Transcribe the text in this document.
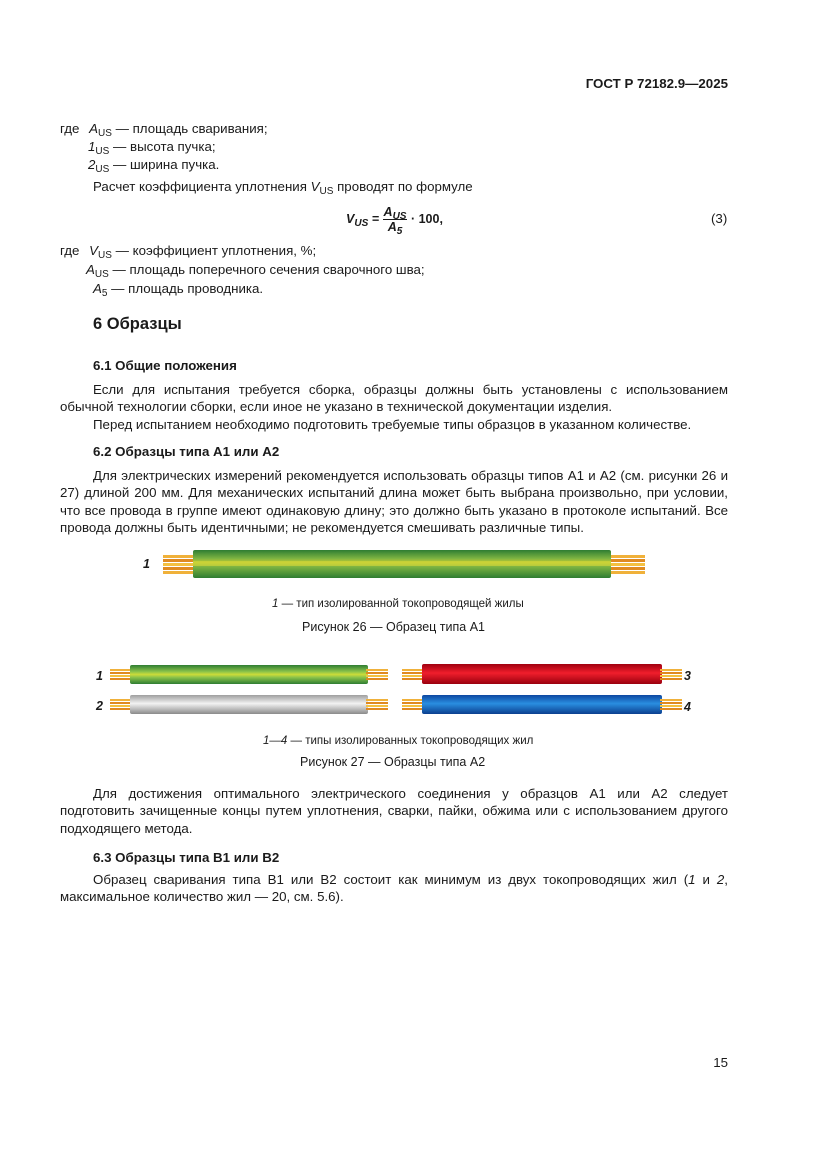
ГОСТ Р 72182.9—2025
где $A_{US}$ — площадь сваривания;
$1_{US}$ — высота пучка;
$2_{US}$ — ширина пучка.
Расчет коэффициента уплотнения $V_{US}$ проводят по формуле
$V_{US} = \frac{A_{US}}{A_5} \cdot 100$,	(3)
где $V_{US}$ — коэффициент уплотнения, %;
$A_{US}$ — площадь поперечного сечения сварочного шва;
$A_5$ — площадь проводника.
6 Образцы
6.1 Общие положения

Если для испытания требуется сборка, образцы должны быть установлены с использованием обычной технологии сборки, если иное не указано в технической документации изделия.

Перед испытанием необходимо подготовить требуемые типы образцов в указанном количестве.

6.2 Образцы типа А1 или А2

Для электрических измерений рекомендуется использовать образцы типов А1 и А2 (см. рисунки 26 и 27) длиной 200 мм. Для механических испытаний длина может быть выбрана произвольно, при условии, что все провода в группе имеют одинаковую длину; это должно быть указано в протоколе испытаний. Все провода должны быть идентичными; не рекомендуется смешивать различные типы.

1
1 — тип изолированной токопроводящей жилы
Рисунок 26 — Образец типа А1
1
2
3
4
1—4 — типы изолированных токопроводящих жил
Рисунок 27 — Образцы типа А2

Для достижения оптимального электрического соединения у образцов А1 или А2 следует подготовить зачищенные концы путем уплотнения, сварки, пайки, обжима или с использованием другого подходящего метода.

6.3 Образцы типа В1 или В2

Образец сваривания типа В1 или В2 состоит как минимум из двух токопроводящих жил (1 и 2, максимальное количество жил — 20, см. 5.6).

15
